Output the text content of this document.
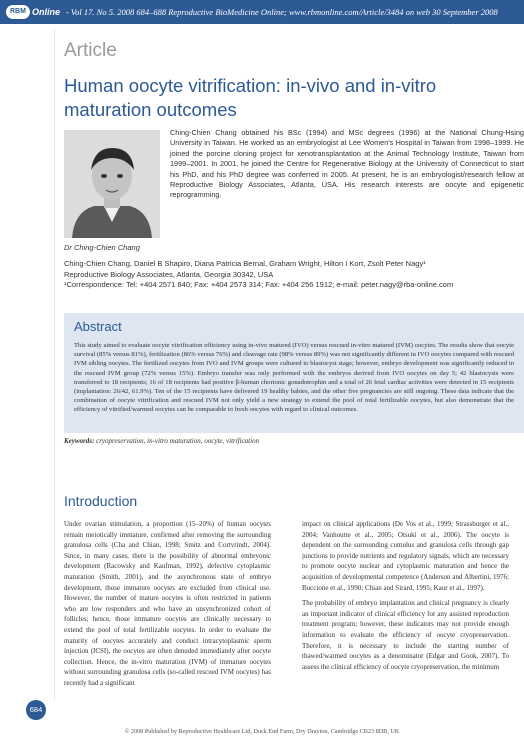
RBM Online - Vol 17. No 5. 2008 684–688 Reproductive BioMedicine Online; www.rbmonline.com/Article/3484 on web 30 September 2008
Article
Human oocyte vitrification: in-vivo and in-vitro maturation outcomes
Ching-Chien Chang obtained his BSc (1994) and MSc degrees (1996) at the National Chung-Hsing University in Taiwan. He worked as an embryologist at Lee Women's Hospital in Taiwan from 1998–1999. He joined the porcine cloning project for xenotransplantation at the Animal Technology Institute, Taiwan from 1999–2001. In 2001, he joined the Centre for Regenerative Biology at the University of Connecticut to start his PhD, and his PhD degree was conferred in 2005. At present, he is an embryologist/research fellow at Reproductive Biology Associates, Atlanta, USA. His research interests are oocyte and epigenetic reprogramming.
Dr Ching-Chien Chang
Ching-Chien Chang, Daniel B Shapiro, Diana Patricia Bernal, Graham Wright, Hilton I Kort, Zsolt Peter Nagy¹
Reproductive Biology Associates, Atlanta, Georgia 30342, USA
¹Correspondence: Tel: +404 2571 840; Fax: +404 2573 314; Fax: +404 256 1912; e-mail: peter.nagy@rba-online.com
Abstract
This study aimed to evaluate oocyte vitrification efficiency using in-vivo matured (IVO) versus rescued in-vitro matured (IVM) oocytes. The results show that oocyte survival (85% versus 81%), fertilization (86% versus 76%) and cleavage rate (98% versus 89%) was not significantly different in IVO oocytes compared with rescued IVM sibling oocytes. The fertilized oocytes from IVO and IVM groups were cultured to blastocyst stage; however, embryo development was significantly reduced in the rescued IVM group (72% versus 15%). Embryo transfer was only performed with the embryos derived from IVO oocytes on day 5; 42 blastocysts were transferred to 18 recipients; 16 of 18 recipients had positive β-human chorionic gonadotrophin and a total of 26 fetal cardiac activities were detected in 15 recipients (implantation: 26/42, 61.9%). Ten of the 15 recipients have delivered 19 healthy babies, and the other five pregnancies are still ongoing. These data indicate that the combination of oocyte vitrification and rescued IVM not only yield a new strategy to extend the pool of total fertilizable oocytes, but also demonstrate that the efficiency of vitrified/warmed oocytes can be comparable to fresh oocytes with regard to clinical outcomes.
Keywords: cryopreservation, in-vitro maturation, oocyte, vitrification
Introduction

Under ovarian stimulation, a proportion (15–20%) of human oocytes remain meiotically immature, confirmed after removing the surrounding granulosa cells (Cha and Chian, 1998; Smitz and Cortvrindt, 2004). Since, in many cases, there is the possibility of abnormal embryonic development (Racowsky and Kaufman, 1992), defective cytoplasmic maturation (Smith, 2001), and the asynchronous state of embryo development, those immature oocytes are excluded from clinical use. However, the number of mature oocytes is often restricted in patients who are low responders and who have an unsynchronized cohort of follicles; hence, those immature oocytes are clinically necessary to extend the pool of total fertilizable oocytes. In order to evaluate the maturity of oocytes accurately and conduct intracytoplasmic sperm injection (ICSI), the oocytes are often denuded immediately after oocyte collection. Hence, the in-vitro maturation (IVM) of immature oocytes without surrounding granulosa cells (so-called rescued IVM oocytes) has recently had a significant

impact on clinical applications (De Vos et al., 1999; Strassburger et al., 2004; Vanhoutte et al., 2005; Otsuki et al., 2006). The oocyte is dependent on the surrounding cumulus and granulosa cells through gap junctions to provide nutrients and regulatory signals, which are necessary to promote oocyte nuclear and cytoplasmic maturation and hence the acquisition of developmental competence (Anderson and Albertini, 1976; Buccione et al., 1990; Chian and Sirard, 1995; Kaur et al., 1997).

The probability of embryo implantation and clinical pregnancy is clearly an important indicator of clinical efficiency for any assisted reproduction treatment program; however, these indicators may not provide enough information to evaluate the efficiency of oocyte cryopreservation. Therefore, it is necessary to include the starting number of thawed/warmed oocytes as a denominator (Edgar and Gook, 2007). To assess the clinical efficiency of oocyte cryopreservation, the minimum

684
© 2008 Published by Reproductive Healthcare Ltd, Duck End Farm, Dry Drayton, Cambridge CB23 8DB, UK
